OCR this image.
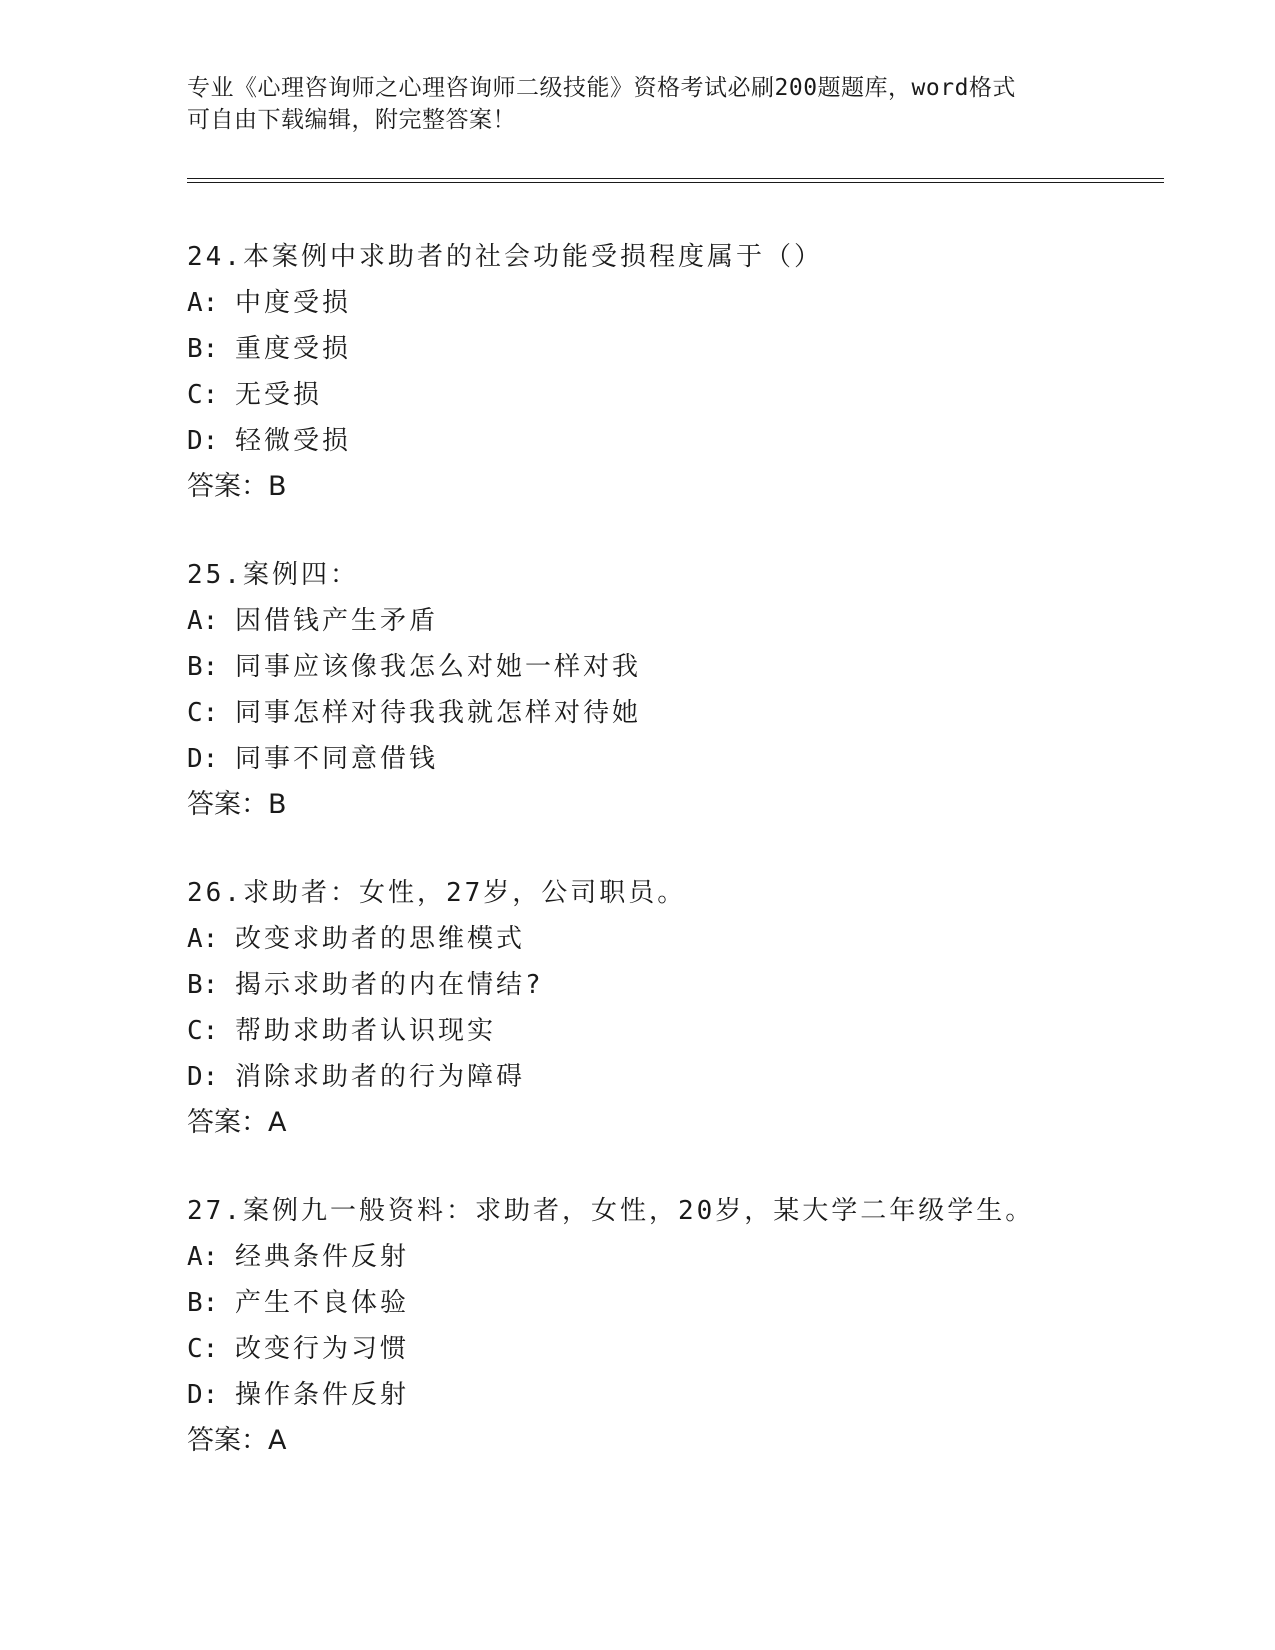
专业《心理咨询师之心理咨询师二级技能》资格考试必刷200题题库，word格式
可自由下载编辑，附完整答案！
24.本案例中求助者的社会功能受损程度属于（）
A: 中度受损
B: 重度受损
C: 无受损
D: 轻微受损
答案：B
25.案例四：
A: 因借钱产生矛盾
B: 同事应该像我怎么对她一样对我
C: 同事怎样对待我我就怎样对待她
D: 同事不同意借钱
答案：B
26.求助者：女性，27岁，公司职员。
A: 改变求助者的思维模式
B: 揭示求助者的内在情结?
C: 帮助求助者认识现实
D: 消除求助者的行为障碍
答案：A
27.案例九一般资料：求助者，女性，20岁，某大学二年级学生。
A: 经典条件反射
B: 产生不良体验
C: 改变行为习惯
D: 操作条件反射
答案：A
